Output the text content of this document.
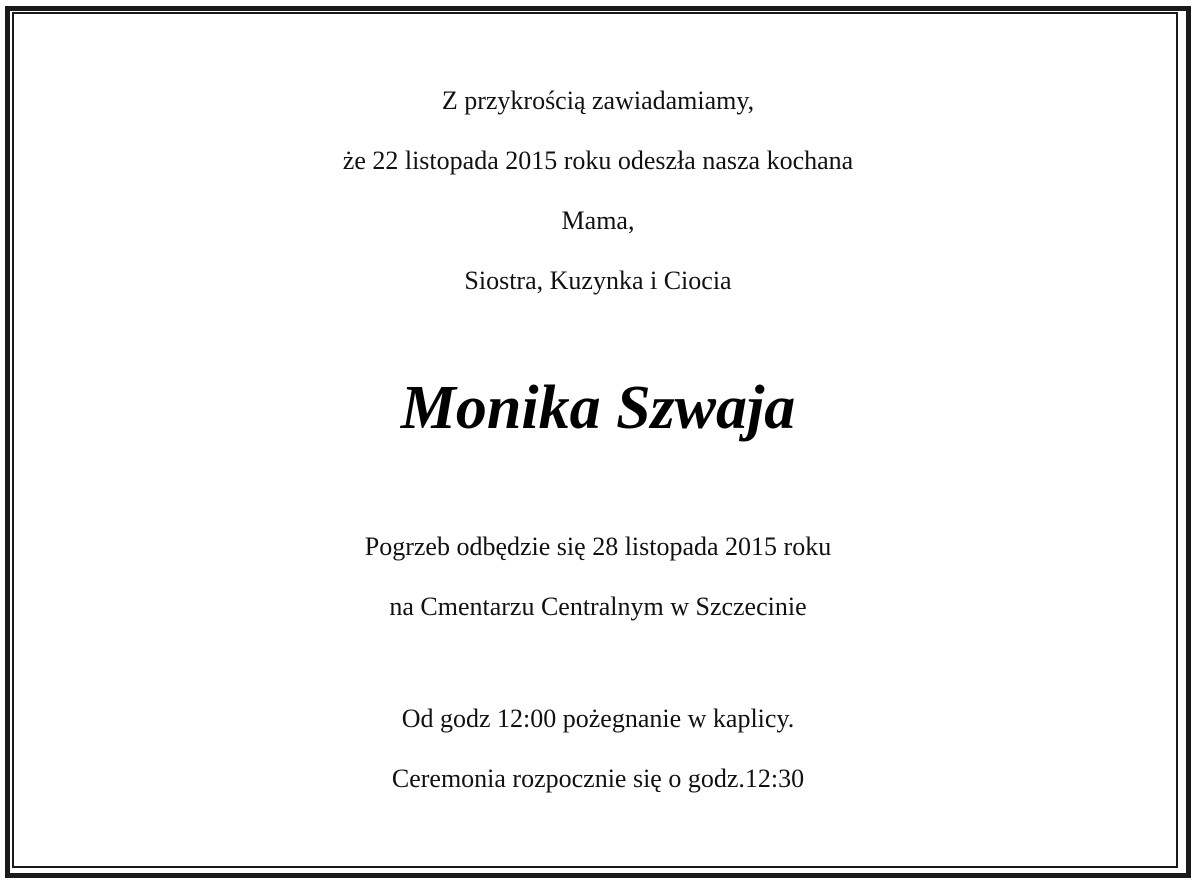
Z przykrością zawiadamiamy,
że 22 listopada 2015 roku odeszła nasza kochana
Mama,
Siostra, Kuzynka i Ciocia
Monika Szwaja
Pogrzeb odbędzie się 28 listopada 2015 roku
na Cmentarzu Centralnym w Szczecinie
Od godz 12:00 pożegnanie w kaplicy.
Ceremonia rozpocznie się o godz.12:30
